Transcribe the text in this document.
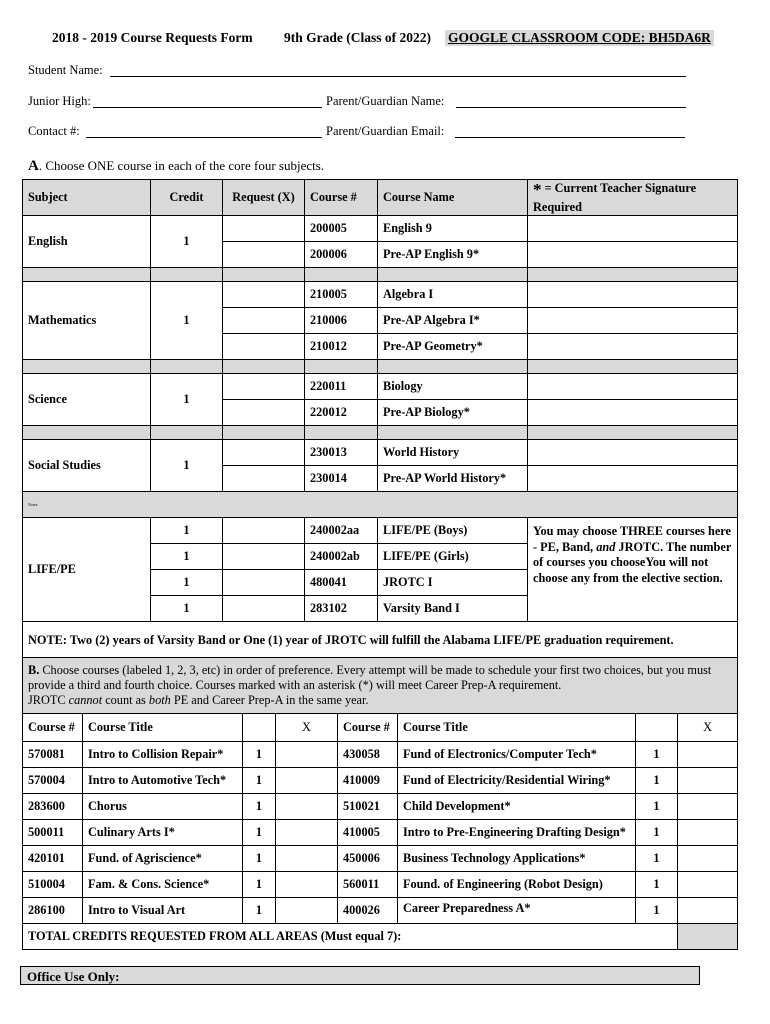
2018 - 2019 Course Requests Form 9th Grade (Class of 2022) GOOGLE CLASSROOM CODE: BH5DA6R
Student Name:
Junior High:	Parent/Guardian Name:
Contact #:	Parent/Guardian Email:
A. Choose ONE course in each of the core four subjects.
Subject	Credit	Request (X)	Course #	Course Name	* = Current Teacher Signature Required
English	1		200005	English 9	
			200006	Pre-AP English 9*	

Mathematics	1		210005	Algebra I	
			210006	Pre-AP Algebra I*	
			210012	Pre-AP Geometry*	

Science	1		220011	Biology	
			220012	Pre-AP Biology*	

Social Studies	1		230013	World History	
			230014	Pre-AP World History*	
Notes					
LIFE/PE	1		240002aa	LIFE/PE (Boys)	You may choose THREE courses here - PE, Band, and JROTC. The number of courses you chooseYou will not choose any from the elective section.
	1		240002ab	LIFE/PE (Girls)	
	1		480041	JROTC I	
	1		283102	Varsity Band I	
NOTE: Two (2) years of Varsity Band or One (1) year of JROTC will fulfill the Alabama LIFE/PE graduation requirement.					
B. Choose courses (labeled 1, 2, 3, etc) in order of preference. Every attempt will be made to schedule your first two choices, but you must provide a third and fourth choice. Courses marked with an asterisk (*) will meet Career Prep-A requirement.
JROTC cannot count as both PE and Career Prep-A in the same year.							
Course #	Course Title		X	Course #	Course Title		X
570081	Intro to Collision Repair*	1		430058	Fund of Electronics/Computer Tech*	1	
570004	Intro to Automotive Tech*	1		410009	Fund of Electricity/Residential Wiring*	1	
283600	Chorus	1		510021	Child Development*	1	
500011	Culinary Arts I*	1		410005	Intro to Pre-Engineering Drafting Design*	1	
420101	Fund. of Agriscience*	1		450006	Business Technology Applications*	1	
510004	Fam. & Cons. Science*	1		560011	Found. of Engineering (Robot Design)	1	
286100	Intro to Visual Art	1		400026	Career Preparedness A*	1	
TOTAL CREDITS REQUESTED FROM ALL AREAS (Must equal 7):							
Office Use Only:
